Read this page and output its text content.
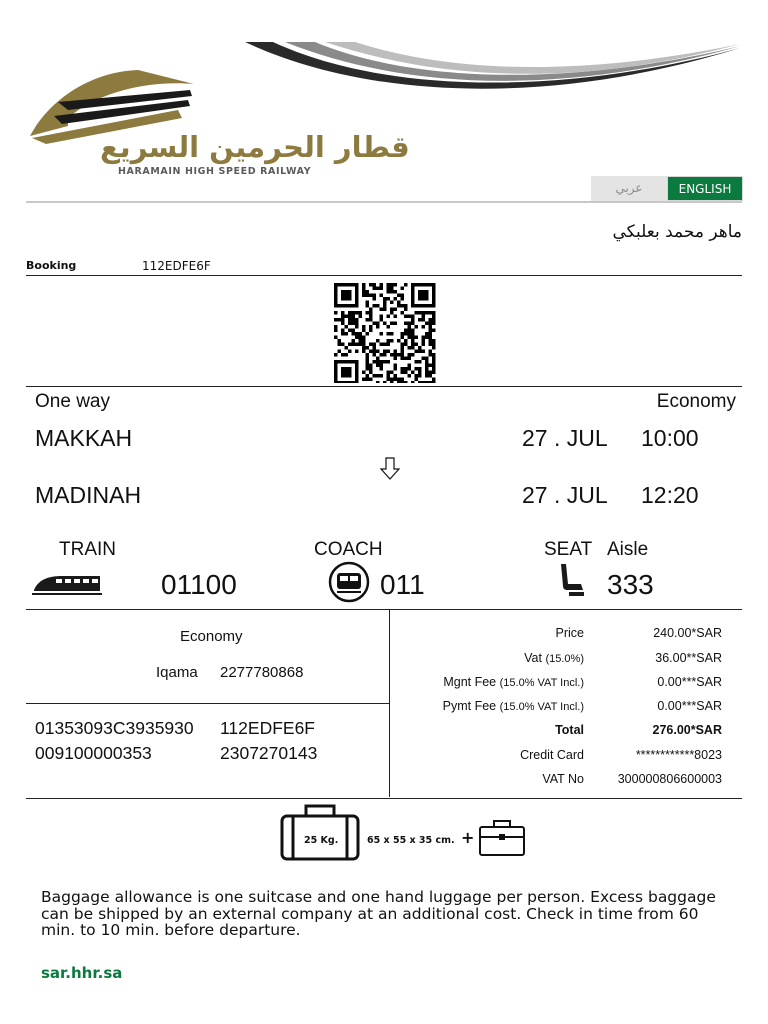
قطار الحرمين السريع
HARAMAIN HIGH SPEED RAILWAY
عربي	ENGLISH
ماهر محمد بعلبكي
Booking	112EDFE6F
One way	Economy
MAKKAH	27 . JUL 10:00
MADINAH	27 . JUL 12:20
TRAIN	COACH	SEAT Aisle
01100	011	333
Economy
Iqama 2277780868
01353093C3935930 112EDFE6F
009100000353	2307270143
Price	240.00*SAR
Vat (15.0%)	36.00**SAR
Mgnt Fee (15.0% VAT Incl.)	0.00***SAR
Pymt Fee (15.0% VAT Incl.)	0.00***SAR
Total	276.00*SAR
Credit Card	************8023
VAT No	300000806600003
25 Kg.	65 x 55 x 35 cm. +
Baggage allowance is one suitcase and one hand luggage per person. Excess baggage can be shipped by an external company at an additional cost. Check in time from 60 min. to 10 min. before departure.
sar.hhr.sa
